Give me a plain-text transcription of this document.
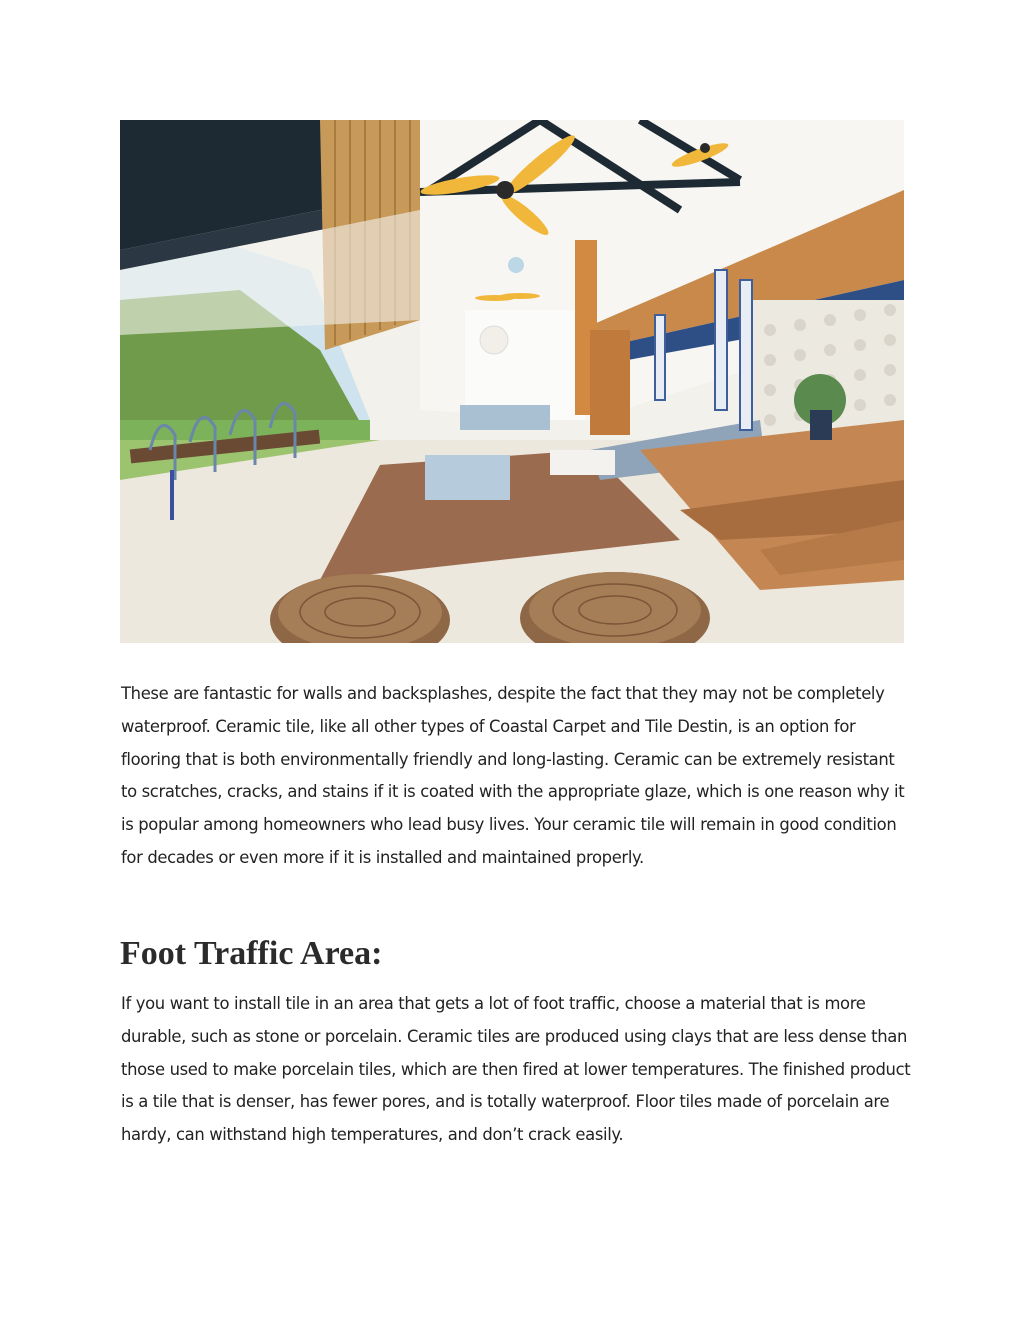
These are fantastic for walls and backsplashes, despite the fact that they may not be completely waterproof. Ceramic tile, like all other types of Coastal Carpet and Tile Destin, is an option for flooring that is both environmentally friendly and long-lasting. Ceramic can be extremely resistant to scratches, cracks, and stains if it is coated with the appropriate glaze, which is one reason why it is popular among homeowners who lead busy lives. Your ceramic tile will remain in good condition for decades or even more if it is installed and maintained properly.

Foot Traffic Area:

If you want to install tile in an area that gets a lot of foot traffic, choose a material that is more durable, such as stone or porcelain. Ceramic tiles are produced using clays that are less dense than those used to make porcelain tiles, which are then fired at lower temperatures. The finished product is a tile that is denser, has fewer pores, and is totally waterproof. Floor tiles made of porcelain are hardy, can withstand high temperatures, and don’t crack easily.
